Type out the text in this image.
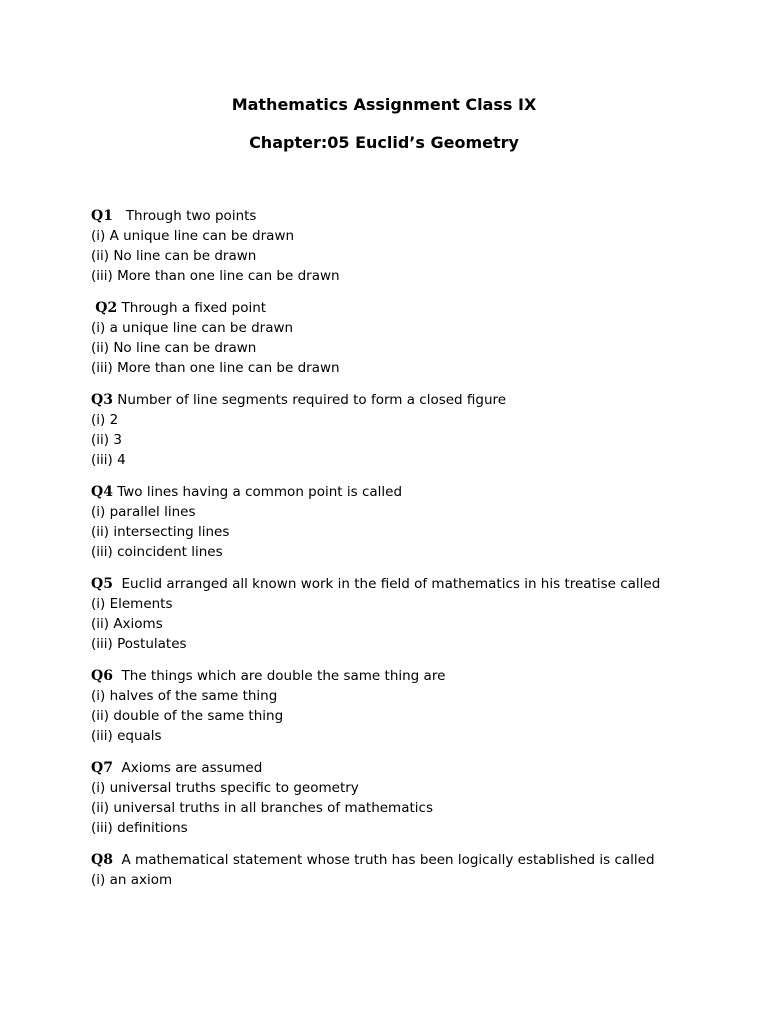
Mathematics Assignment Class IX
Chapter:05 Euclid’s Geometry
Q1 Through two points
(i) A unique line can be drawn
(ii) No line can be drawn
(iii) More than one line can be drawn
Q2 Through a fixed point
(i) a unique line can be drawn
(ii) No line can be drawn
(iii) More than one line can be drawn
Q3 Number of line segments required to form a closed figure
(i) 2
(ii) 3
(iii) 4
Q4 Two lines having a common point is called
(i) parallel lines
(ii) intersecting lines
(iii) coincident lines
Q5 Euclid arranged all known work in the field of mathematics in his treatise called
(i) Elements
(ii) Axioms
(iii) Postulates
Q6 The things which are double the same thing are
(i) halves of the same thing
(ii) double of the same thing
(iii) equals
Q7 Axioms are assumed
(i) universal truths specific to geometry
(ii) universal truths in all branches of mathematics
(iii) definitions
Q8 A mathematical statement whose truth has been logically established is called
(i) an axiom
